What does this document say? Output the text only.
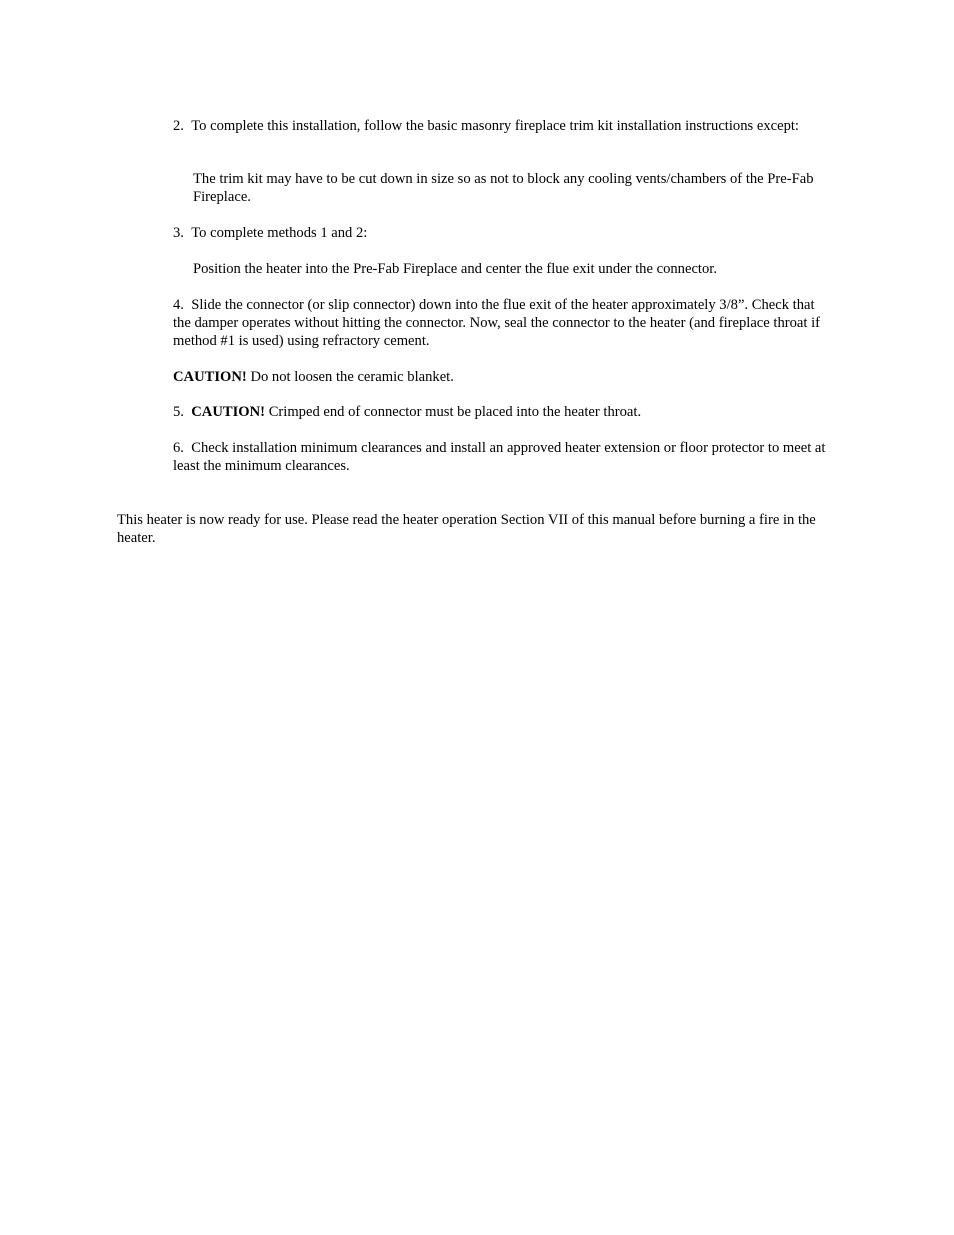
2. To complete this installation, follow the basic masonry fireplace trim kit installation instructions except:

The trim kit may have to be cut down in size so as not to block any cooling vents/chambers of the Pre-Fab Fireplace.

3. To complete methods 1 and 2:

Position the heater into the Pre-Fab Fireplace and center the flue exit under the connector.

4. Slide the connector (or slip connector) down into the flue exit of the heater approximately 3/8”. Check that the damper operates without hitting the connector. Now, seal the connector to the heater (and fireplace throat if method #1 is used) using refractory cement.

CAUTION! Do not loosen the ceramic blanket.

5. CAUTION! Crimped end of connector must be placed into the heater throat.

6. Check installation minimum clearances and install an approved heater extension or floor protector to meet at least the minimum clearances.

This heater is now ready for use. Please read the heater operation Section VII of this manual before burning a fire in the heater.
